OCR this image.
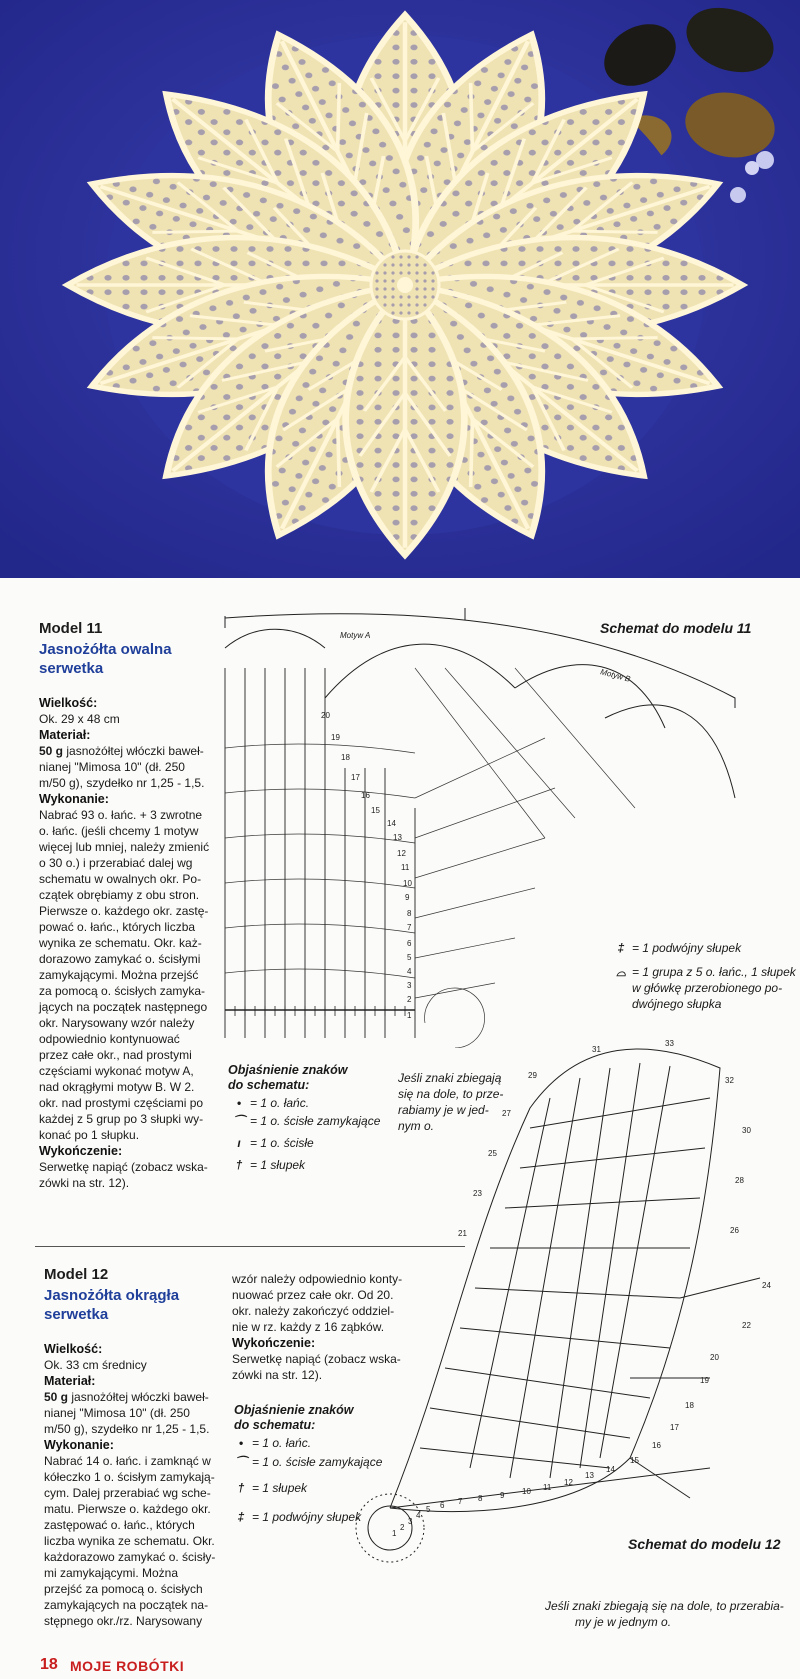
20
19
18
17
16
15
14
13
12
11
10
9
8
7
6
5
4
3
2
1
33
32
31
30
29
28
27
26
25
24
23
22
21
20
19
18
17
16
15
14
13
12
11
10
9
8
7
6
5
4
3
2
1
Model 11
Jasnożółta owalna
serwetka
Wielkość:
Ok. 29 x 48 cm
Materiał:
50 g jasnożółtej włóczki baweł-
nianej "Mimosa 10" (dł. 250
m/50 g), szydełko nr 1,25 - 1,5.
Wykonanie:
Nabrać 93 o. łańc. + 3 zwrotne
o. łańc. (jeśli chcemy 1 motyw
więcej lub mniej, należy zmienić
o 30 o.) i przerabiać dalej wg
schematu w owalnych okr. Po-
czątek obrębiamy z obu stron.
Pierwsze o. każdego okr. zastę-
pować o. łańc., których liczba
wynika ze schematu. Okr. każ-
dorazowo zamykać o. ścisłymi
zamykającymi. Można przejść
za pomocą o. ścisłych zamyka-
jących na początek następnego
okr. Narysowany wzór należy
odpowiednio kontynuować
przez całe okr., nad prostymi
częściami wykonać motyw A,
nad okrągłymi motyw B. W 2.
okr. nad prostymi częściami po
każdej z 5 grup po 3 słupki wy-
konać po 1 słupku.
Wykończenie:
Serwetkę napiąć (zobacz wska-
zówki na str. 12).
Objaśnienie znaków
do schematu:
• = 1 o. łańc.
⌒ = 1 o. ścisłe zamykające
ı = 1 o. ścisłe
† = 1 słupek
Jeśli znaki zbiegają
się na dole, to prze-
rabiamy je w jed-
nym o.
Schemat do modelu 11
Motyw A
Motyw B
‡ = 1 podwójny słupek
⌓ = 1 grupa z 5 o. łańc., 1 słupek
w główkę przerobionego po-
dwójnego słupka
Model 12
Jasnożółta okrągła
serwetka
Wielkość:
Ok. 33 cm średnicy
Materiał:
50 g jasnożółtej włóczki baweł-
nianej "Mimosa 10" (dł. 250
m/50 g), szydełko nr 1,25 - 1,5.
Wykonanie:
Nabrać 14 o. łańc. i zamknąć w
kółeczko 1 o. ścisłym zamykają-
cym. Dalej przerabiać wg sche-
matu. Pierwsze o. każdego okr.
zastępować o. łańc., których
liczba wynika ze schematu. Okr.
każdorazowo zamykać o. ścisły-
mi zamykającymi. Można
przejść za pomocą o. ścisłych
zamykających na początek na-
stępnego okr./rz. Narysowany
wzór należy odpowiednio konty-
nuować przez całe okr. Od 20.
okr. należy zakończyć oddziel-
nie w rz. każdy z 16 ząbków.
Wykończenie:
Serwetkę napiąć (zobacz wska-
zówki na str. 12).
Objaśnienie znaków
do schematu:
• = 1 o. łańc.
⌒ = 1 o. ścisłe zamykające
† = 1 słupek
‡ = 1 podwójny słupek
Schemat do modelu 12
Jeśli znaki zbiegają się na dole, to przerabia-
my je w jednym o.
18 MOJE ROBÓTKI
